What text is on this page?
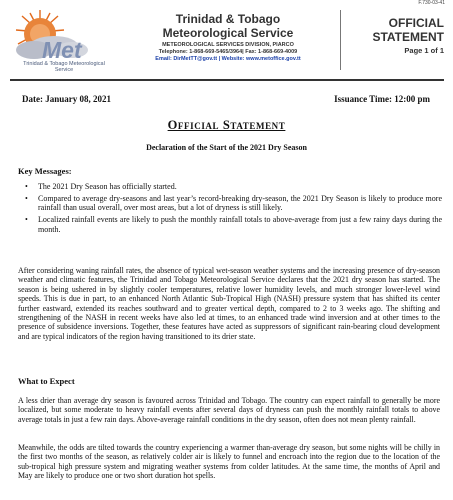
F.730-03-41
Met
Trinidad & Tobago Meteorological Service
Trinidad & Tobago
Meteorological Service
METEOROLOGICAL SERVICES DIVISION, PIARCO
Telephone: 1-868-669-5465/3964| Fax: 1-868-669-4009
Email: DirMetTT@gov.tt | Website: www.metoffice.gov.tt
OFFICIAL
STATEMENT
Page 1 of 1
Date: January 08, 2021	Issuance Time: 12:00 pm
Official Statement
Declaration of the Start of the 2021 Dry Season
Key Messages:
• The 2021 Dry Season has officially started.
• Compared to average dry-seasons and last year’s record-breaking dry-season, the 2021 Dry Season is likely to produce more rainfall than usual overall, over most areas, but a lot of dryness is still likely.
• Localized rainfall events are likely to push the monthly rainfall totals to above-average from just a few rainy days during the month.

After considering waning rainfall rates, the absence of typical wet-season weather systems and the increasing presence of dry-season weather and climatic features, the Trinidad and Tobago Meteorological Service declares that the 2021 dry season has started. The season is being ushered in by slightly cooler temperatures, relative lower humidity levels, and much stronger lower-level wind speeds. This is due in part, to an enhanced North Atlantic Sub-Tropical High (NASH) pressure system that has shifted its center further eastward, extended its reaches southward and to greater vertical depth, compared to 2 to 3 weeks ago. The shifting and strengthening of the NASH in recent weeks have also led at times, to an enhanced trade wind inversion and at other times to the presence of subsidence inversions. Together, these features have acted as suppressors of significant rain-bearing cloud development and are typical indicators of the region having transitioned to its drier state.

What to Expect

A less drier than average dry season is favoured across Trinidad and Tobago. The country can expect rainfall to generally be more localized, but some moderate to heavy rainfall events after several days of dryness can push the monthly rainfall totals to above average totals in just a few rain days. Above-average rainfall conditions in the dry season, often does not mean plenty rainfall.

Meanwhile, the odds are tilted towards the country experiencing a warmer than-average dry season, but some nights will be chilly in the first two months of the season, as relatively colder air is likely to funnel and encroach into the region due to the location of the sub-tropical high pressure system and migrating weather systems from colder latitudes. At the same time, the months of April and May are likely to produce one or two short duration hot spells.
